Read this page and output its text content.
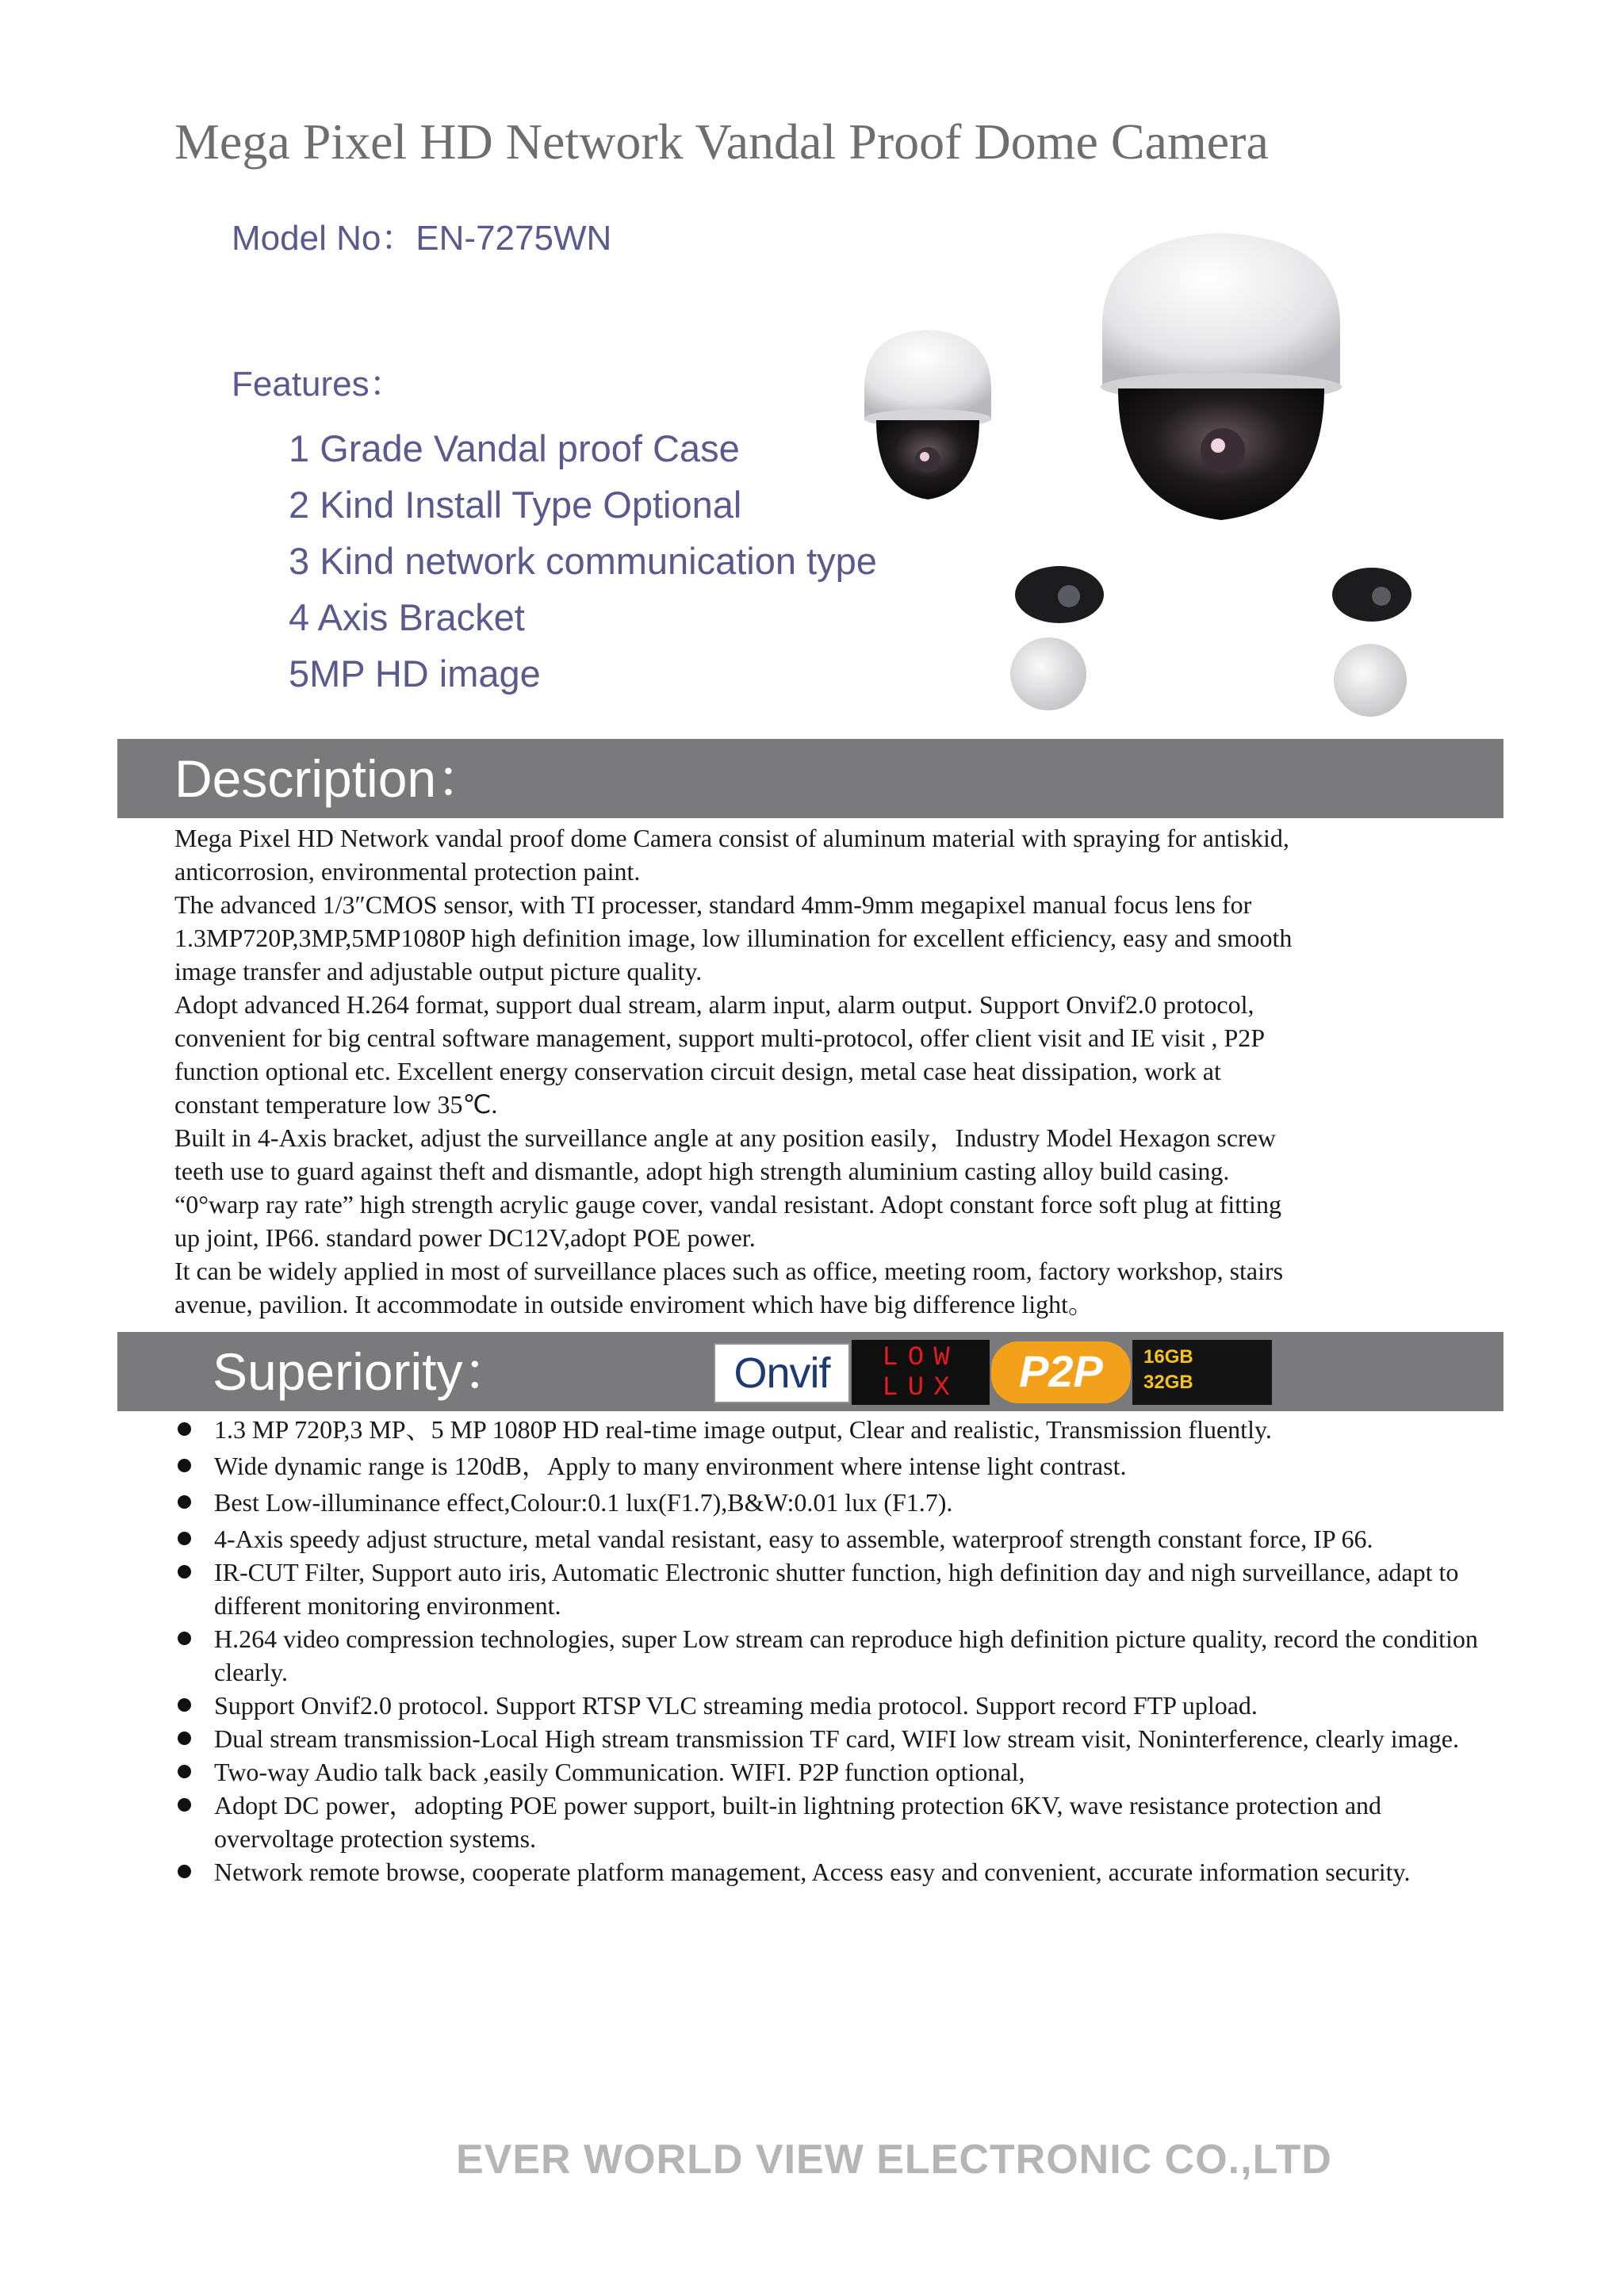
Mega Pixel HD Network Vandal Proof Dome Camera
Model No：EN-7275WN
Features：
1 Grade Vandal proof Case
2 Kind Install Type Optional
3 Kind network communication type
4 Axis Bracket
5MP HD image
Description：

Mega Pixel HD Network vandal proof dome Camera consist of aluminum material with spraying for antiskid,

anticorrosion, environmental protection paint.

The advanced 1/3″CMOS sensor, with TI processer, standard 4mm-9mm megapixel manual focus lens for

1.3MP720P,3MP,5MP1080P high definition image, low illumination for excellent efficiency, easy and smooth

image transfer and adjustable output picture quality.

Adopt advanced H.264 format, support dual stream, alarm input, alarm output. Support Onvif2.0 protocol,

convenient for big central software management, support multi-protocol, offer client visit and IE visit , P2P

function optional etc. Excellent energy conservation circuit design, metal case heat dissipation, work at

constant temperature low 35℃.

Built in 4-Axis bracket, adjust the surveillance angle at any position easily，Industry Model Hexagon screw

teeth use to guard against theft and dismantle, adopt high strength aluminium casting alloy build casing.

“0°warp ray rate” high strength acrylic gauge cover, vandal resistant. Adopt constant force soft plug at fitting

up joint, IP66. standard power DC12V,adopt POE power.

It can be widely applied in most of surveillance places such as office, meeting room, factory workshop, stairs

avenue, pavilion. It accommodate in outside enviroment which have big difference light。

Superiority：	Onvif	LOW
LUX	P2P	16GB
32GB
1.3 MP 720P,3 MP、5 MP 1080P HD real-time image output, Clear and realistic, Transmission fluently.
Wide dynamic range is 120dB，Apply to many environment where intense light contrast.
Best Low-illuminance effect,Colour:0.1 lux(F1.7),B&W:0.01 lux (F1.7).
4-Axis speedy adjust structure, metal vandal resistant, easy to assemble, waterproof strength constant force, IP 66.
IR-CUT Filter, Support auto iris, Automatic Electronic shutter function, high definition day and nigh surveillance, adapt to different monitoring environment.
H.264 video compression technologies, super Low stream can reproduce high definition picture quality, record the condition clearly.
Support Onvif2.0 protocol. Support RTSP VLC streaming media protocol. Support record FTP upload.
Dual stream transmission-Local High stream transmission TF card, WIFI low stream visit, Noninterference, clearly image.
Two-way Audio talk back ,easily Communication. WIFI. P2P function optional,
Adopt DC power，adopting POE power support, built-in lightning protection 6KV, wave resistance protection and overvoltage protection systems.
Network remote browse, cooperate platform management, Access easy and convenient, accurate information security.
EVER WORLD VIEW ELECTRONIC CO.,LTD
